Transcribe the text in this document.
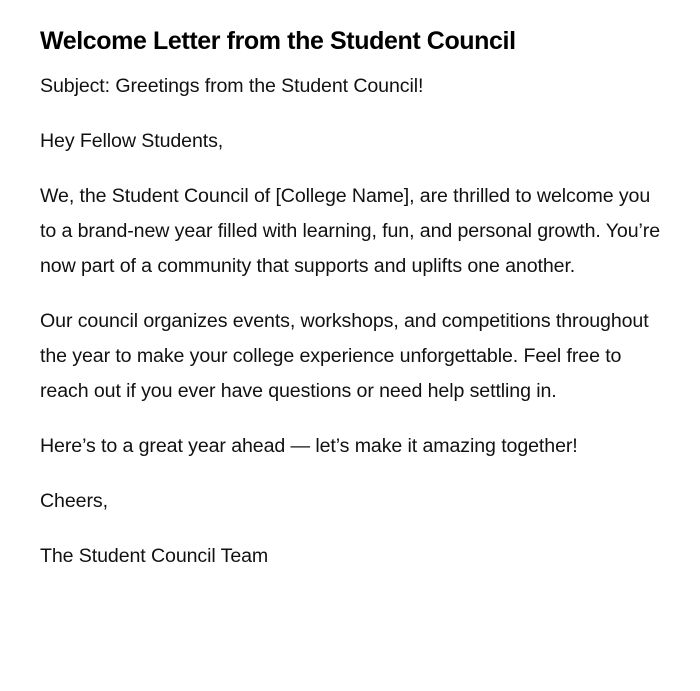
Welcome Letter from the Student Council

Subject: Greetings from the Student Council!

Hey Fellow Students,

We, the Student Council of [College Name], are thrilled to welcome you to a brand-new year filled with learning, fun, and personal growth. You’re now part of a community that supports and uplifts one another.

Our council organizes events, workshops, and competitions throughout the year to make your college experience unforgettable. Feel free to reach out if you ever have questions or need help settling in.

Here’s to a great year ahead — let’s make it amazing together!

Cheers,

The Student Council Team
